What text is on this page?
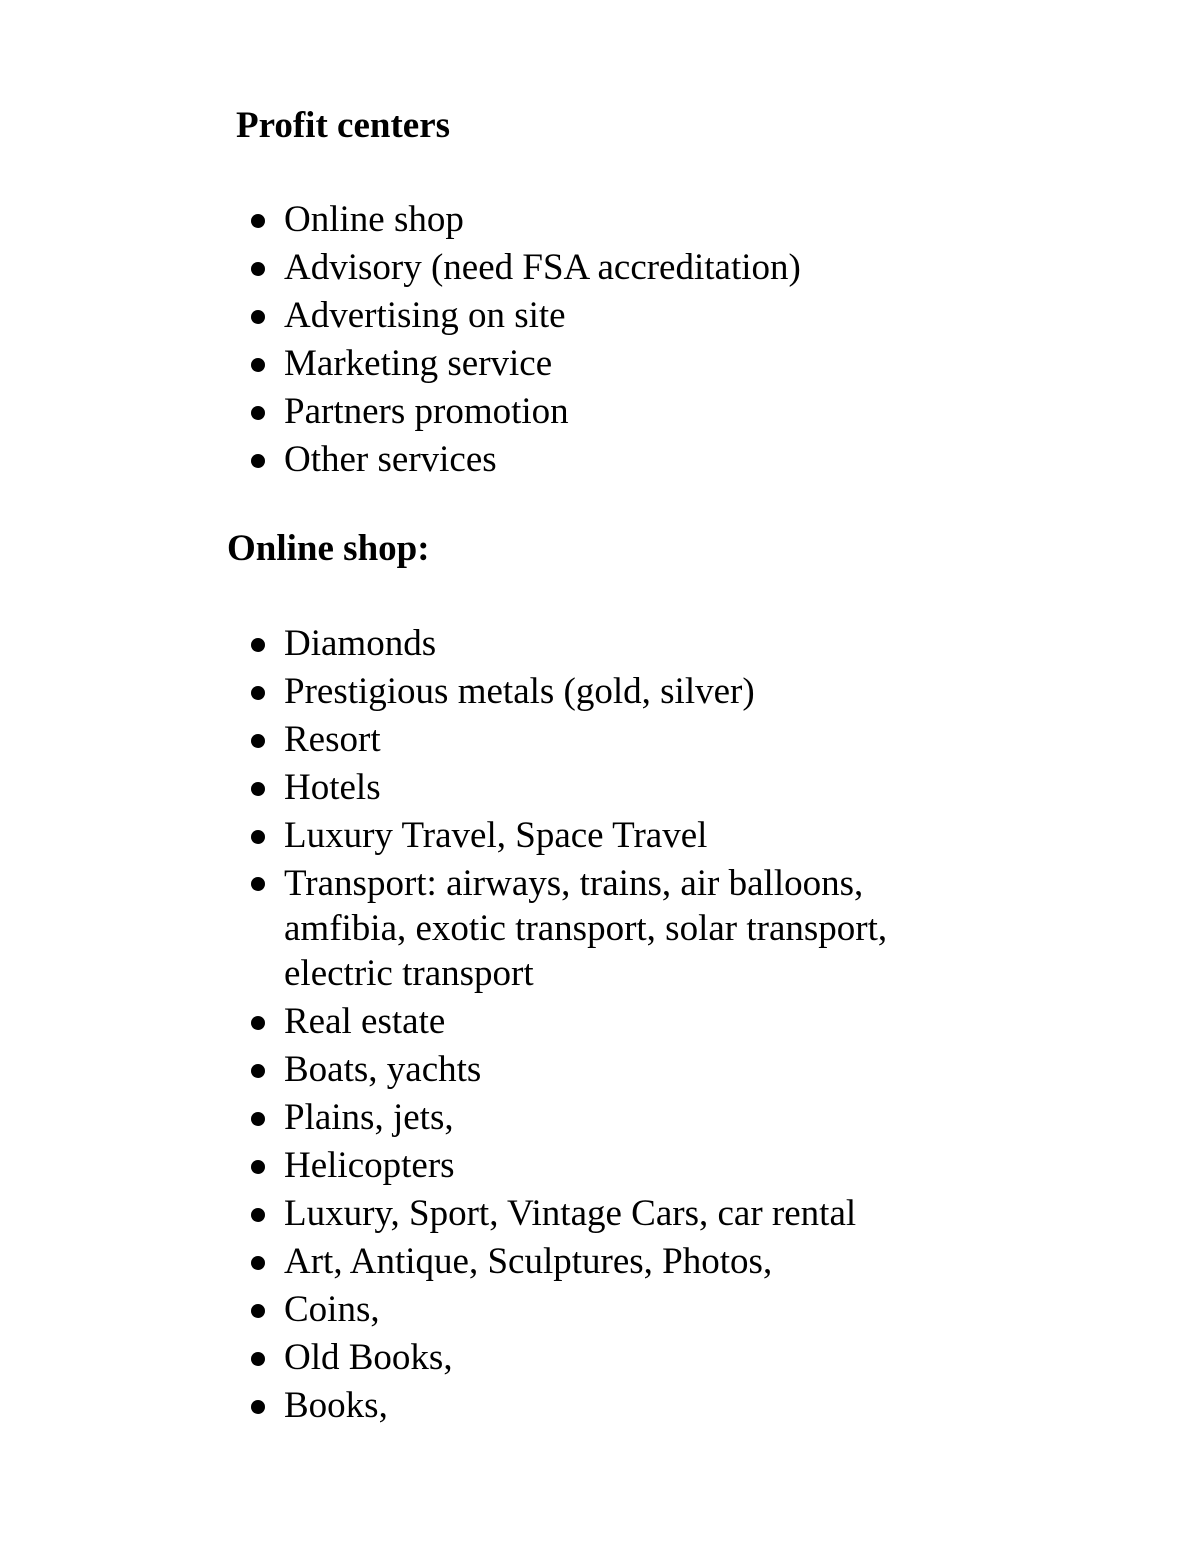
Profit centers
Online shop
Advisory (need FSA accreditation)
Advertising on site
Marketing service
Partners promotion
Other services
Online shop:
Diamonds
Prestigious metals (gold, silver)
Resort
Hotels
Luxury Travel, Space Travel
Transport: airways, trains, air balloons, amfibia, exotic transport, solar transport, electric transport
Real estate
Boats, yachts
Plains, jets,
Helicopters
Luxury, Sport, Vintage Cars, car rental
Art, Antique, Sculptures, Photos,
Coins,
Old Books,
Books,
